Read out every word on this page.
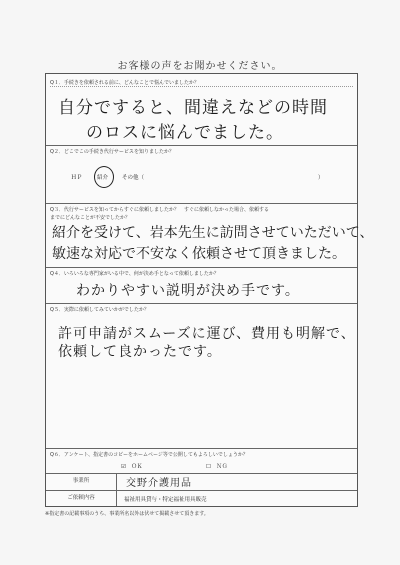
お客様の声をお聞かせください。
Q１．手続きを依頼される前に、どんなことで悩んでいましたか？
自分ですると、間違えなどの時間
のロスに悩んでました。
Q２．どこでこの手続き代行サービスを知りましたか？
ＨＰ	紹介	その他（	）
Q３．代行サービスを知ってからすぐに依頼しましたか？　すぐに依頼しなかった場合、依頼する
までにどんなことが不安でしたか？
紹介を受けて、岩本先生に訪問させていただいて、
敏速な対応で不安なく依頼させて頂きました。
Q４．いろいろな専門家がいる中で、何が決め手となって依頼しましたか？
わかりやすい説明が決め手です。
Q５．実際に依頼してみていかがでしたか？
許可申請がスムーズに運び、費用も明解で、
依頼して良かったです。
Q６．アンケート、指定書のコピーをホームページ等で公開してもよろしいでしょうか？
☑　ＯＫ	☐　ＮＧ
事業所	交野介護用品
ご依頼内容	福祉用具貸与・特定福祉用具販売
※指定書の記載事項のうち、事業所名以外は伏せて掲載させて頂きます。
